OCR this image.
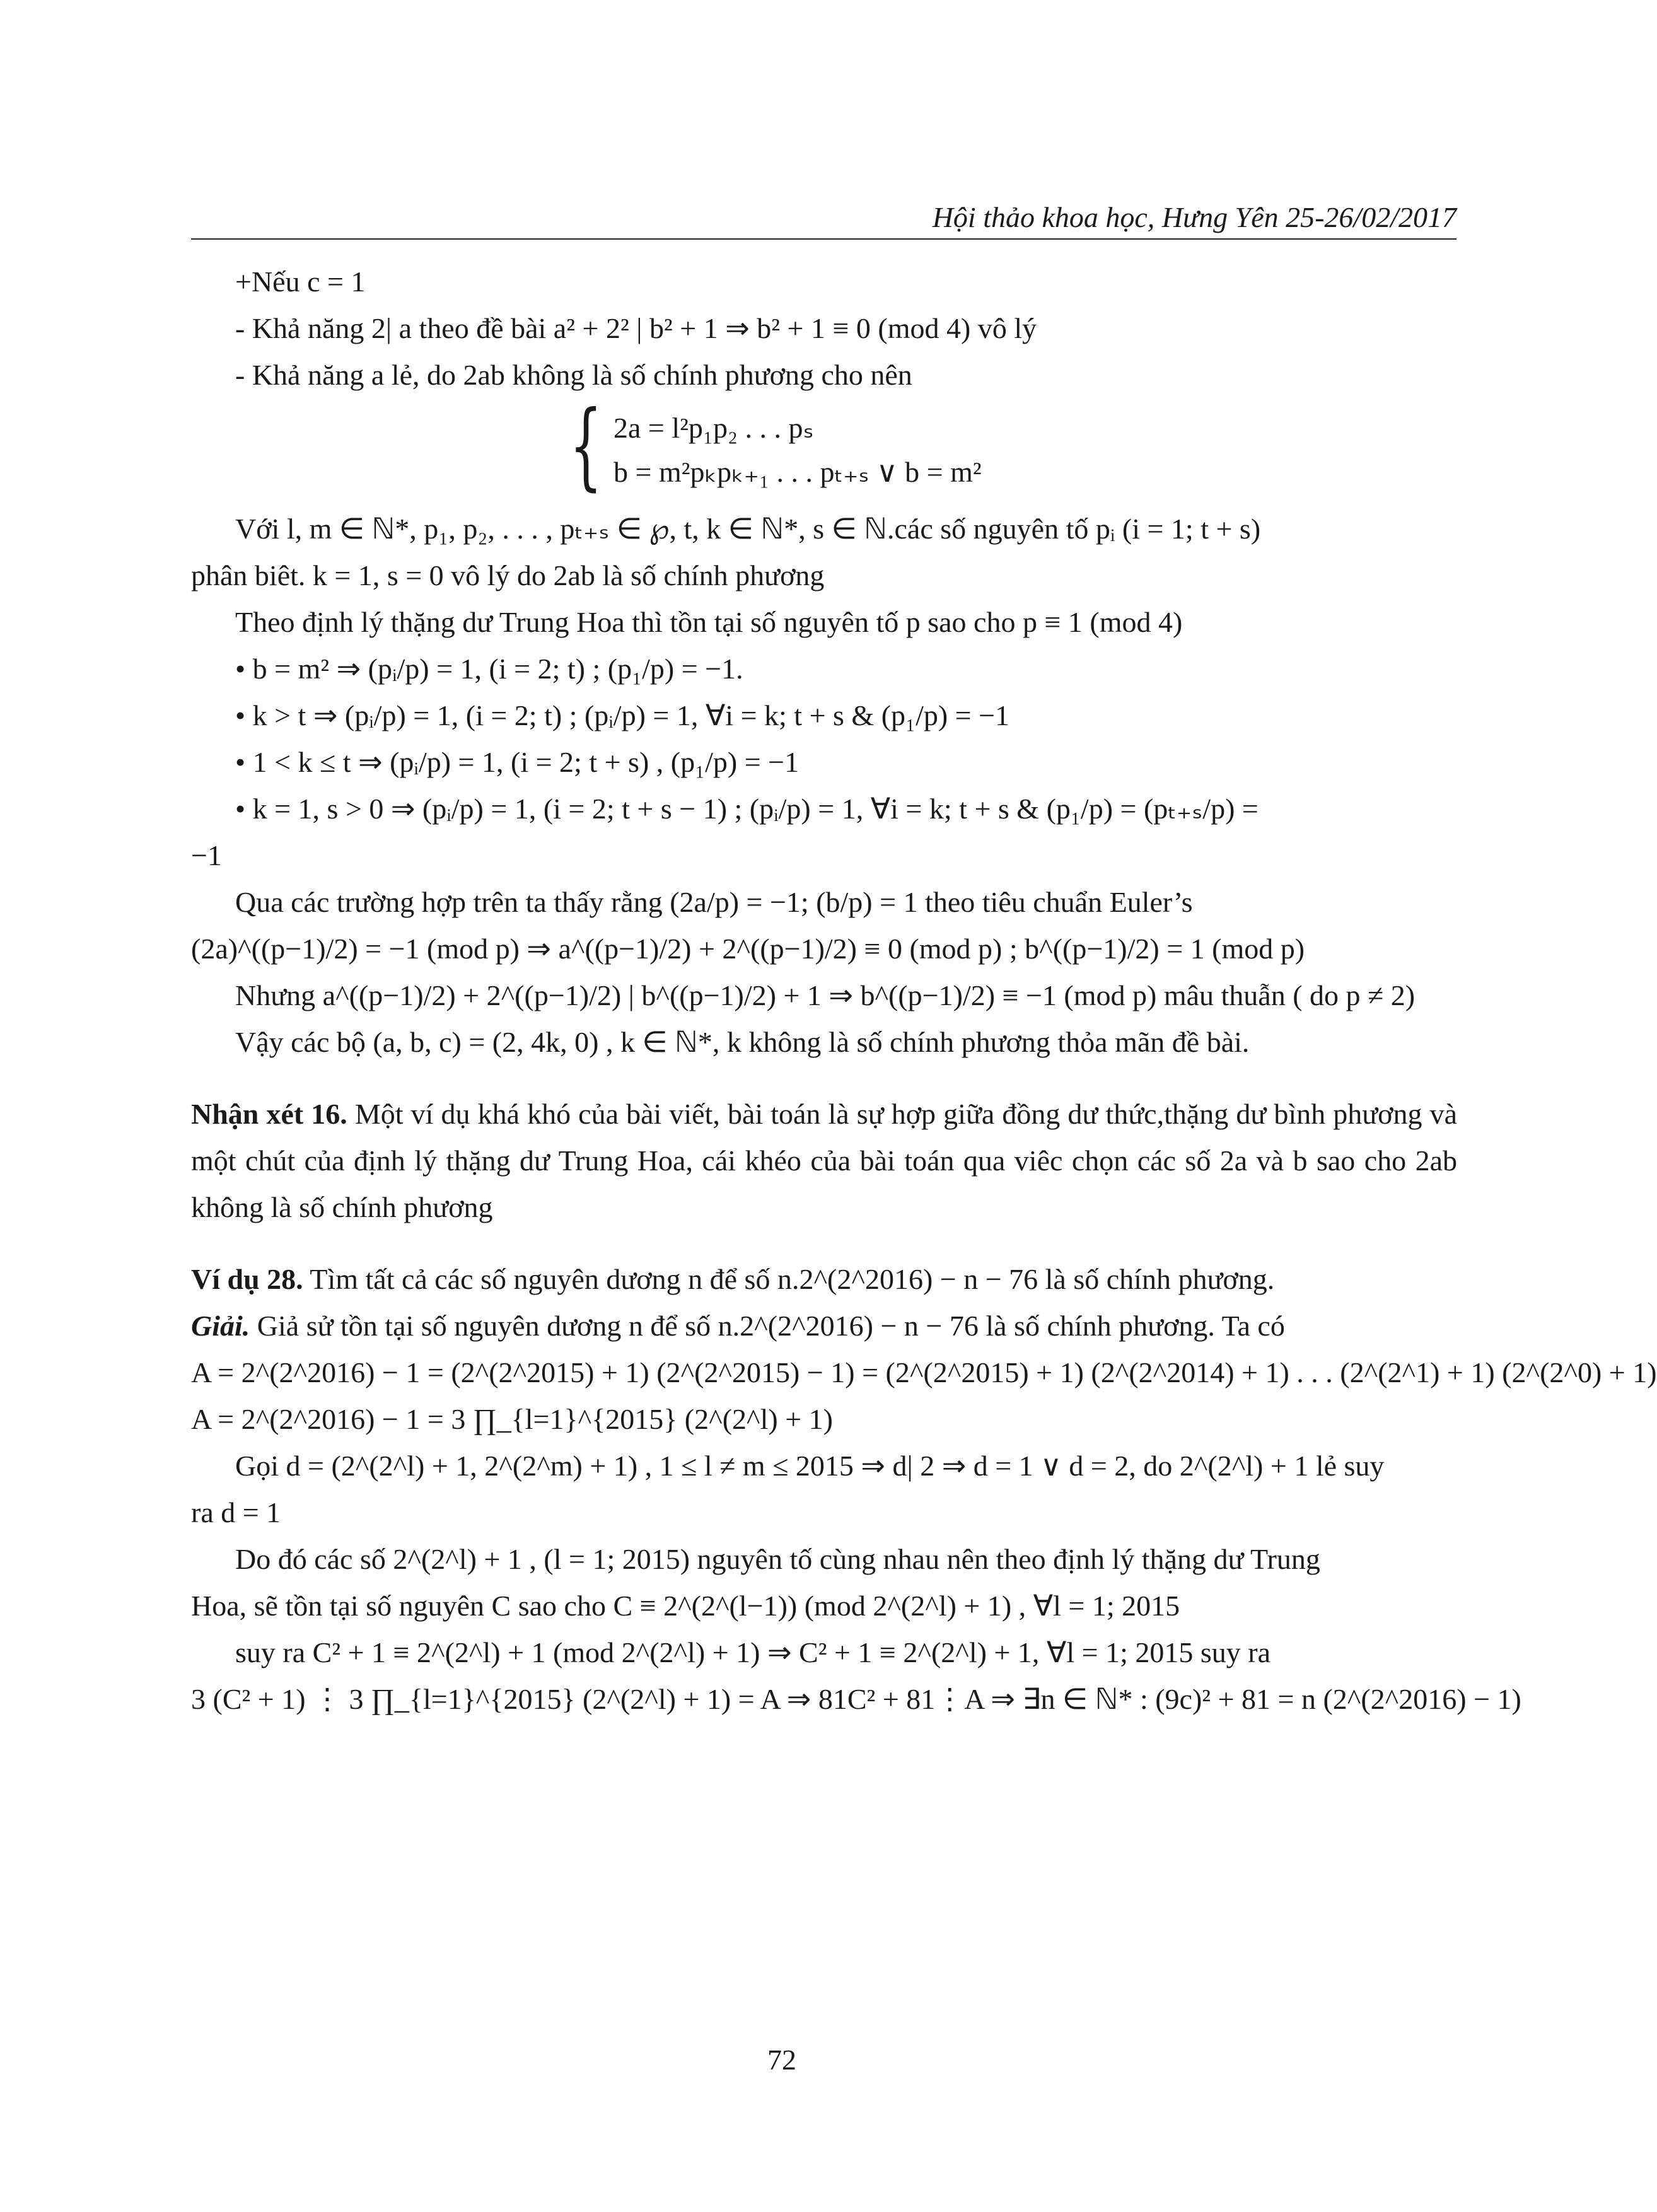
Hội thảo khoa học, Hưng Yên 25-26/02/2017
+Nếu c = 1
- Khả năng 2| a theo đề bài a² + 2² | b² + 1 ⇒ b² + 1 ≡ 0 (mod 4) vô lý
- Khả năng a lẻ, do 2ab không là số chính phương cho nên
{ 2a = l²p₁p₂ . . . pₛ
b = m²pₖpₖ₊₁ . . . pₜ₊ₛ ∨ b = m²
Với l, m ∈ ℕ*, p₁, p₂, . . . , pₜ₊ₛ ∈ ℘, t, k ∈ ℕ*, s ∈ ℕ.các số nguyên tố pᵢ (i = 1; t + s)
phân biêt. k = 1, s = 0 vô lý do 2ab là số chính phương
Theo định lý thặng dư Trung Hoa thì tồn tại số nguyên tố p sao cho p ≡ 1 (mod 4)
• b = m² ⇒ (pᵢ/p) = 1, (i = 2; t) ; (p₁/p) = −1.
• k > t ⇒ (pᵢ/p) = 1, (i = 2; t) ; (pᵢ/p) = 1, ∀i = k; t + s & (p₁/p) = −1
• 1 < k ≤ t ⇒ (pᵢ/p) = 1, (i = 2; t + s) , (p₁/p) = −1
• k = 1, s > 0 ⇒ (pᵢ/p) = 1, (i = 2; t + s − 1) ; (pᵢ/p) = 1, ∀i = k; t + s & (p₁/p) = (pₜ₊ₛ/p) =
−1
Qua các trường hợp trên ta thấy rằng (2a/p) = −1; (b/p) = 1 theo tiêu chuẩn Euler’s
(2a)^((p−1)/2) = −1 (mod p) ⇒ a^((p−1)/2) + 2^((p−1)/2) ≡ 0 (mod p) ; b^((p−1)/2) = 1 (mod p)
Nhưng a^((p−1)/2) + 2^((p−1)/2) | b^((p−1)/2) + 1 ⇒ b^((p−1)/2) ≡ −1 (mod p) mâu thuẫn ( do p ≠ 2)
Vậy các bộ (a, b, c) = (2, 4k, 0) , k ∈ ℕ*, k không là số chính phương thỏa mãn đề bài.
Nhận xét 16. Một ví dụ khá khó của bài viết, bài toán là sự hợp giữa đồng dư thức,thặng dư bình phương và một chút của định lý thặng dư Trung Hoa, cái khéo của bài toán qua viêc chọn các số 2a và b sao cho 2ab không là số chính phương
Ví dụ 28. Tìm tất cả các số nguyên dương n để số n.2^(2^2016) − n − 76 là số chính phương.
Giải. Giả sử tồn tại số nguyên dương n để số n.2^(2^2016) − n − 76 là số chính phương. Ta có
A = 2^(2^2016) − 1 = (2^(2^2015) + 1) (2^(2^2015) − 1) = (2^(2^2015) + 1) (2^(2^2014) + 1) . . . (2^(2^1) + 1) (2^(2^0) + 1)
A = 2^(2^2016) − 1 = 3 ∏_{l=1}^{2015} (2^(2^l) + 1)
Gọi d = (2^(2^l) + 1, 2^(2^m) + 1) , 1 ≤ l ≠ m ≤ 2015 ⇒ d| 2 ⇒ d = 1 ∨ d = 2, do 2^(2^l) + 1 lẻ suy
ra d = 1
Do đó các số 2^(2^l) + 1 , (l = 1; 2015) nguyên tố cùng nhau nên theo định lý thặng dư Trung
Hoa, sẽ tồn tại số nguyên C sao cho C ≡ 2^(2^(l−1)) (mod 2^(2^l) + 1) , ∀l = 1; 2015
suy ra C² + 1 ≡ 2^(2^l) + 1 (mod 2^(2^l) + 1) ⇒ C² + 1 ≡ 2^(2^l) + 1, ∀l = 1; 2015 suy ra
3 (C² + 1) ⋮ 3 ∏_{l=1}^{2015} (2^(2^l) + 1) = A ⇒ 81C² + 81⋮A ⇒ ∃n ∈ ℕ* : (9c)² + 81 = n (2^(2^2016) − 1)
72
